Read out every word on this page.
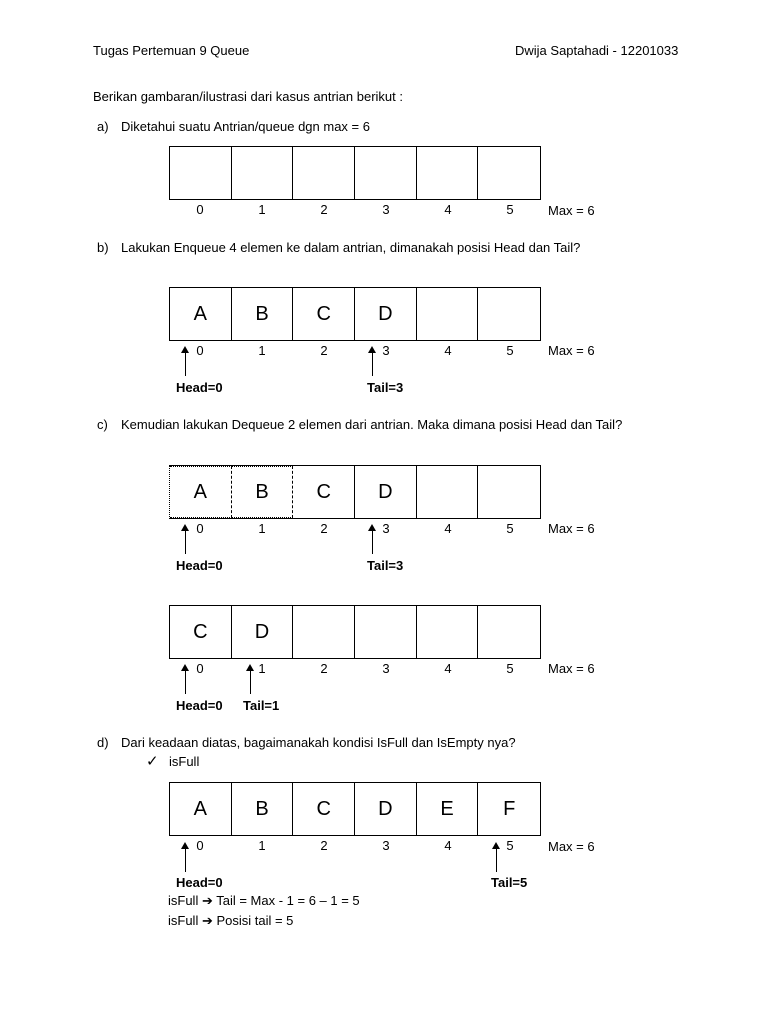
Tugas Pertemuan 9 Queue	Dwija Saptahadi - 12201033
Berikan gambaran/ilustrasi dari kasus antrian berikut :
a) Diketahui suatu Antrian/queue dgn max = 6
0	1	2	3	4	5	Max = 6
b) Lakukan Enqueue 4 elemen ke dalam antrian, dimanakah posisi Head dan Tail?
A	B	C	D
0	1	2	3	4	5	Max = 6
Head=0	Tail=3
c) Kemudian lakukan Dequeue 2 elemen dari antrian. Maka dimana posisi Head dan Tail?
A	B	C	D
0	1	2	3	4	5	Max = 6
Head=0	Tail=3
C	D
0	1	2	3	4	5	Max = 6
Head=0 Tail=1
d) Dari keadaan diatas, bagaimanakah kondisi IsFull dan IsEmpty nya?
✓ isFull
A	B	C	D	E	F
0	1	2	3	4	5	Max = 6
Head=0	Tail=5
isFull ➔ Tail = Max - 1 = 6 – 1 = 5
isFull ➔ Posisi tail = 5
